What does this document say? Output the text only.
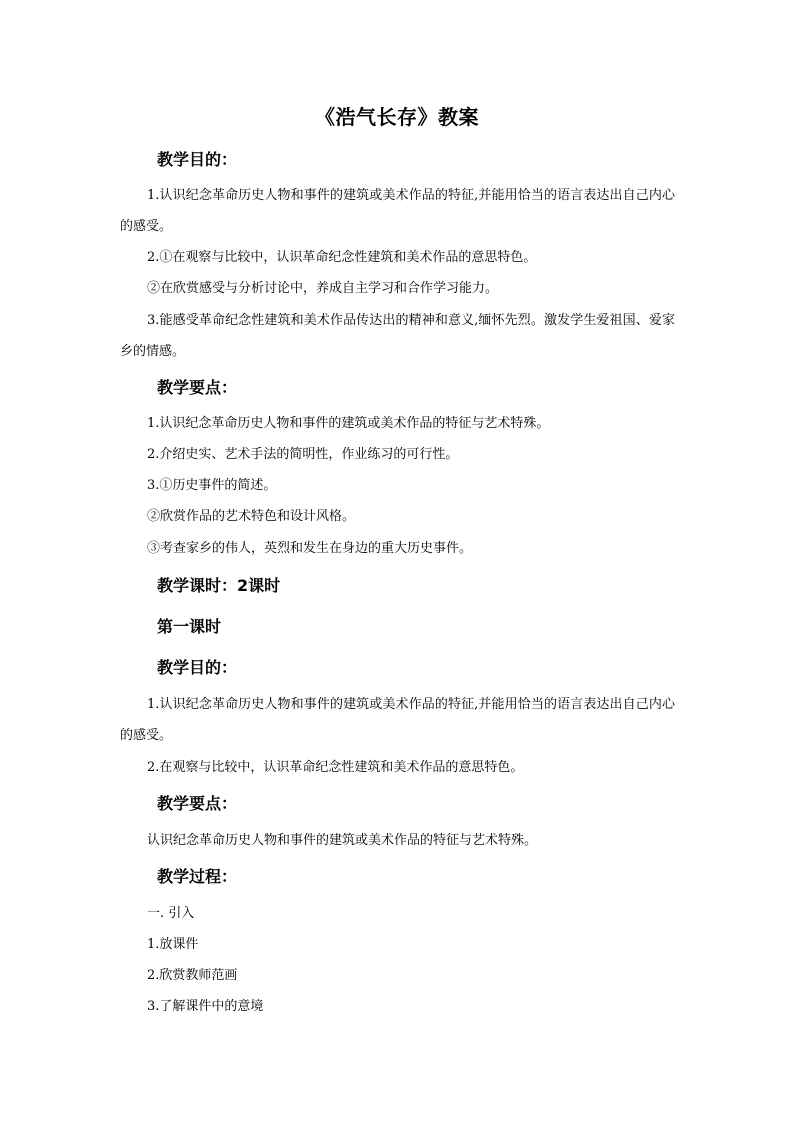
《浩气长存》教案
教学目的：

1.认识纪念革命历史人物和事件的建筑或美术作品的特征,并能用恰当的语言表达出自己内心的感受。

2.①在观察与比较中，认识革命纪念性建筑和美术作品的意思特色。

②在欣赏感受与分析讨论中，养成自主学习和合作学习能力。

3.能感受革命纪念性建筑和美术作品传达出的精神和意义,缅怀先烈。激发学生爱祖国、爱家乡的情感。

教学要点：

1.认识纪念革命历史人物和事件的建筑或美术作品的特征与艺术特殊。

2.介绍史实、艺术手法的简明性，作业练习的可行性。

3.①历史事件的简述。

②欣赏作品的艺术特色和设计风格。

③考查家乡的伟人，英烈和发生在身边的重大历史事件。

教学课时：2课时
第一课时
教学目的：

1.认识纪念革命历史人物和事件的建筑或美术作品的特征,并能用恰当的语言表达出自己内心的感受。

2.在观察与比较中，认识革命纪念性建筑和美术作品的意思特色。

教学要点：

认识纪念革命历史人物和事件的建筑或美术作品的特征与艺术特殊。

教学过程：

一. 引入

1.放课件

2.欣赏教师范画

3.了解课件中的意境
